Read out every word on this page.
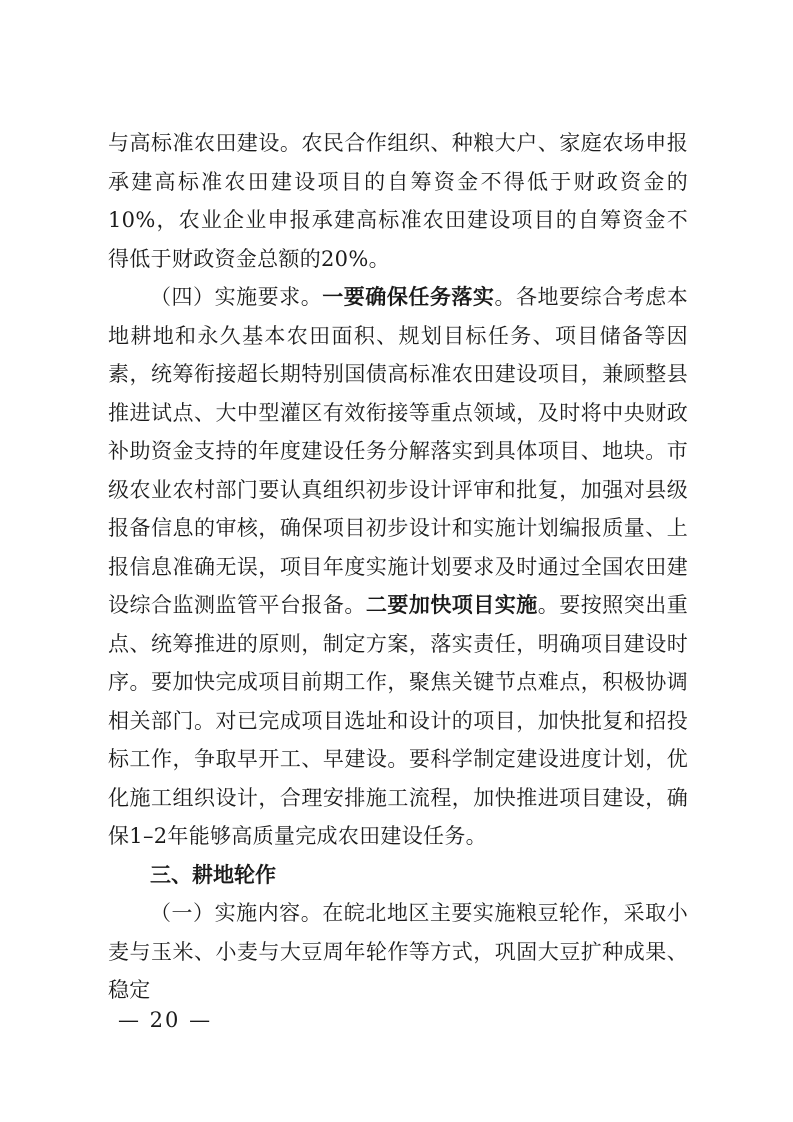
与高标准农田建设。农民合作组织、种粮大户、家庭农场申报承建高标准农田建设项目的自筹资金不得低于财政资金的10%，农业企业申报承建高标准农田建设项目的自筹资金不得低于财政资金总额的20%。

（四）实施要求。一要确保任务落实。各地要综合考虑本地耕地和永久基本农田面积、规划目标任务、项目储备等因素，统筹衔接超长期特别国债高标准农田建设项目，兼顾整县推进试点、大中型灌区有效衔接等重点领域，及时将中央财政补助资金支持的年度建设任务分解落实到具体项目、地块。市级农业农村部门要认真组织初步设计评审和批复，加强对县级报备信息的审核，确保项目初步设计和实施计划编报质量、上报信息准确无误，项目年度实施计划要求及时通过全国农田建设综合监测监管平台报备。二要加快项目实施。要按照突出重点、统筹推进的原则，制定方案，落实责任，明确项目建设时序。要加快完成项目前期工作，聚焦关键节点难点，积极协调相关部门。对已完成项目选址和设计的项目，加快批复和招投标工作，争取早开工、早建设。要科学制定建设进度计划，优化施工组织设计，合理安排施工流程，加快推进项目建设，确保1–2年能够高质量完成农田建设任务。

三、耕地轮作

（一）实施内容。在皖北地区主要实施粮豆轮作，采取小麦与玉米、小麦与大豆周年轮作等方式，巩固大豆扩种成果、稳定

— 20 —
